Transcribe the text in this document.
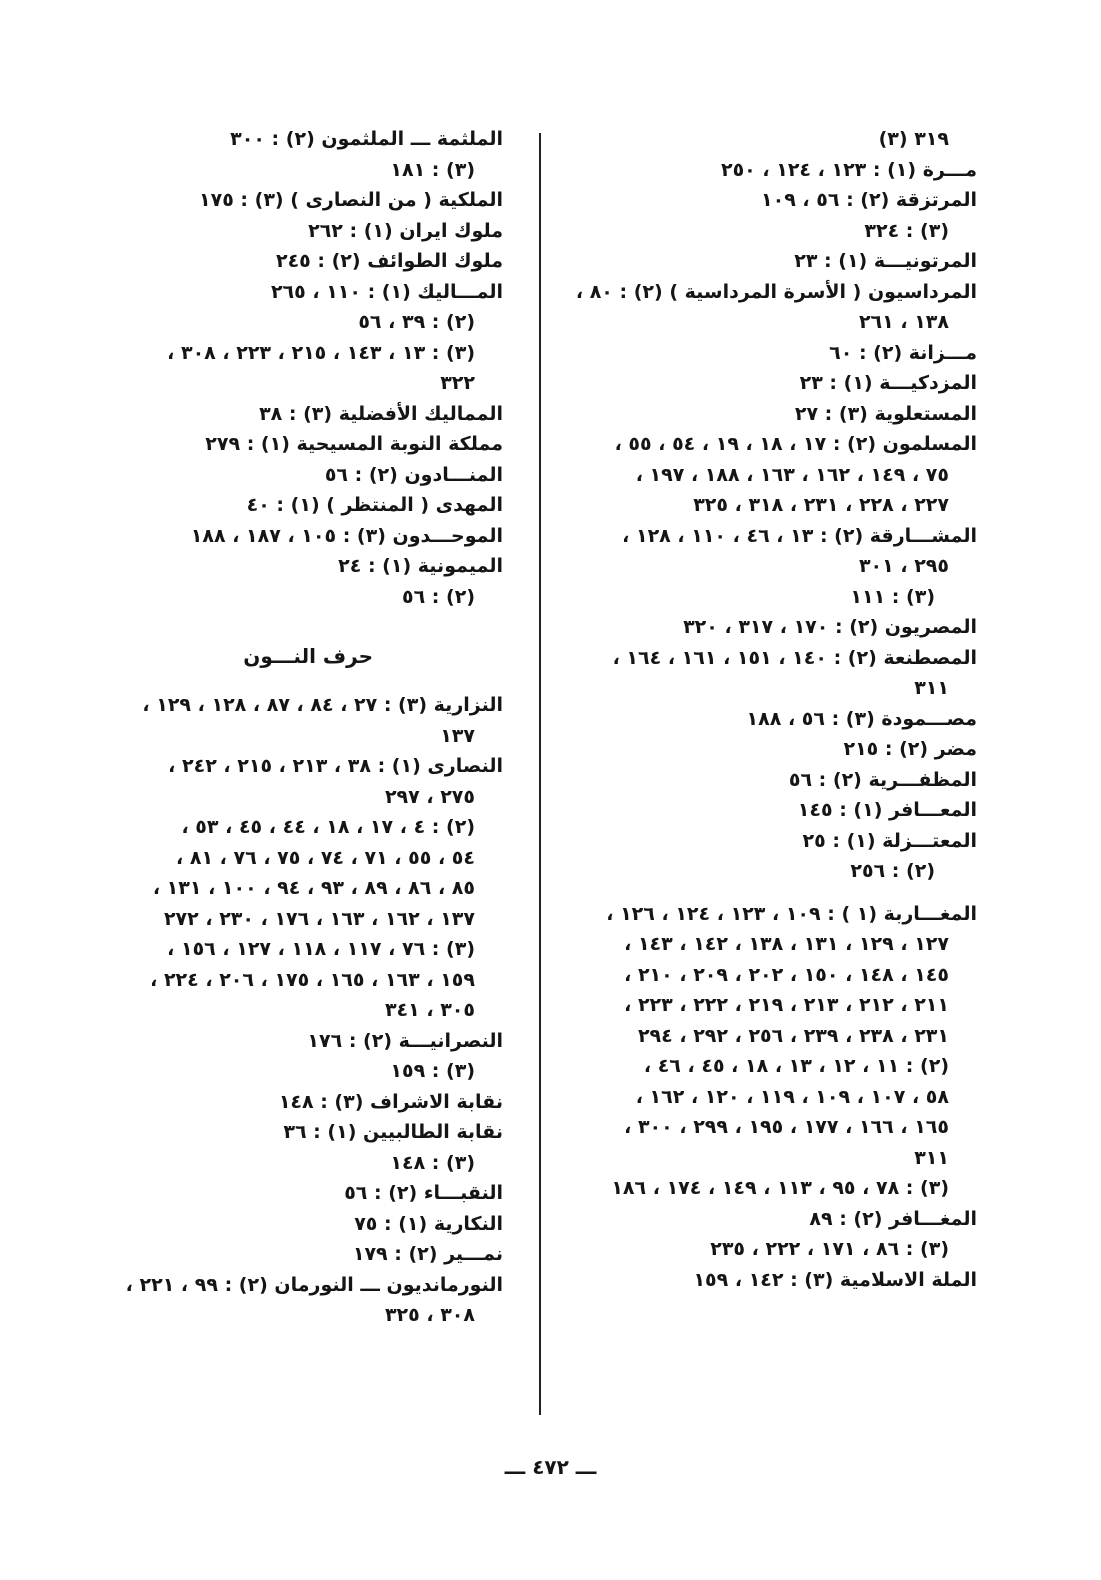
٣١٩ (٣)
مـــرة (١) : ١٢٣ ، ١٢٤ ، ٢٥٠
المرتزقة (٢) : ٥٦ ، ١٠٩
(٣) : ٣٢٤
المرتونيـــة (١) : ٢٣
المرداسيون ( الأسرة المرداسية ) (٢) : ٨٠ ،
١٣٨ ، ٢٦١
مـــزانة (٢) : ٦٠
المزدكيـــة (١) : ٢٣
المستعلوية (٣) : ٢٧
المسلمون (٢) : ١٧ ، ١٨ ، ١٩ ، ٥٤ ، ٥٥ ،
٧٥ ، ١٤٩ ، ١٦٢ ، ١٦٣ ، ١٨٨ ، ١٩٧ ،
٢٢٧ ، ٢٢٨ ، ٢٣١ ، ٣١٨ ، ٣٢٥
المشـــارقة (٢) : ١٣ ، ٤٦ ، ١١٠ ، ١٢٨ ،
٢٩٥ ، ٣٠١
(٣) : ١١١
المصريون (٢) : ١٧٠ ، ٣١٧ ، ٣٢٠
المصطنعة (٢) : ١٤٠ ، ١٥١ ، ١٦١ ، ١٦٤ ،
٣١١
مصـــمودة (٣) : ٥٦ ، ١٨٨
مضر (٢) : ٢١٥
المظفـــرية (٢) : ٥٦
المعـــافر (١) : ١٤٥
المعتـــزلة (١) : ٢٥
(٢) : ٢٥٦
المغـــاربة (١ ) : ١٠٩ ، ١٢٣ ، ١٢٤ ، ١٢٦ ،
١٢٧ ، ١٢٩ ، ١٣١ ، ١٣٨ ، ١٤٢ ، ١٤٣ ،
١٤٥ ، ١٤٨ ، ١٥٠ ، ٢٠٢ ، ٢٠٩ ، ٢١٠ ،
٢١١ ، ٢١٢ ، ٢١٣ ، ٢١٩ ، ٢٢٢ ، ٢٢٣ ،
٢٣١ ، ٢٣٨ ، ٢٣٩ ، ٢٥٦ ، ٢٩٢ ، ٢٩٤
(٢) : ١١ ، ١٢ ، ١٣ ، ١٨ ، ٤٥ ، ٤٦ ،
٥٨ ، ١٠٧ ، ١٠٩ ، ١١٩ ، ١٢٠ ، ١٦٢ ،
١٦٥ ، ١٦٦ ، ١٧٧ ، ١٩٥ ، ٢٩٩ ، ٣٠٠ ،
٣١١
(٣) : ٧٨ ، ٩٥ ، ١١٣ ، ١٤٩ ، ١٧٤ ، ١٨٦
المغـــافر (٢) : ٨٩
(٣) : ٨٦ ، ١٧١ ، ٢٢٢ ، ٢٣٥
الملة الاسلامية (٣) : ١٤٢ ، ١٥٩
الملثمة ـــ الملثمون (٢) : ٣٠٠
(٣) : ١٨١
الملكية ( من النصارى ) (٣) : ١٧٥
ملوك ايران (١) : ٢٦٢
ملوك الطوائف (٢) : ٢٤٥
المـــاليك (١) : ١١٠ ، ٢٦٥
(٢) : ٣٩ ، ٥٦
(٣) : ١٣ ، ١٤٣ ، ٢١٥ ، ٢٢٣ ، ٣٠٨ ،
٣٢٢
المماليك الأفضلية (٣) : ٣٨
مملكة النوبة المسيحية (١) : ٢٧٩
المنـــادون (٢) : ٥٦
المهدى ( المنتظر ) (١) : ٤٠
الموحـــدون (٣) : ١٠٥ ، ١٨٧ ، ١٨٨
الميمونية (١) : ٢٤
(٢) : ٥٦
حرف النـــون
النزارية (٣) : ٢٧ ، ٨٤ ، ٨٧ ، ١٢٨ ، ١٢٩ ،
١٣٧
النصارى (١) : ٣٨ ، ٢١٣ ، ٢١٥ ، ٢٤٢ ،
٢٧٥ ، ٢٩٧
(٢) : ٤ ، ١٧ ، ١٨ ، ٤٤ ، ٤٥ ، ٥٣ ،
٥٤ ، ٥٥ ، ٧١ ، ٧٤ ، ٧٥ ، ٧٦ ، ٨١ ،
٨٥ ، ٨٦ ، ٨٩ ، ٩٣ ، ٩٤ ، ١٠٠ ، ١٣١ ،
١٣٧ ، ١٦٢ ، ١٦٣ ، ١٧٦ ، ٢٣٠ ، ٢٧٢
(٣) : ٧٦ ، ١١٧ ، ١١٨ ، ١٢٧ ، ١٥٦ ،
١٥٩ ، ١٦٣ ، ١٦٥ ، ١٧٥ ، ٢٠٦ ، ٢٢٤ ،
٣٠٥ ، ٣٤١
النصرانيـــة (٢) : ١٧٦
(٣) : ١٥٩
نقابة الاشراف (٣) : ١٤٨
نقابة الطالبيين (١) : ٣٦
(٣) : ١٤٨
النقبـــاء (٢) : ٥٦
النكارية (١) : ٧٥
نمـــير (٢) : ١٧٩
النورمانديون ـــ النورمان (٢) : ٩٩ ، ٢٢١ ،
٣٠٨ ، ٣٢٥
ـــ ٤٧٢ ـــ
